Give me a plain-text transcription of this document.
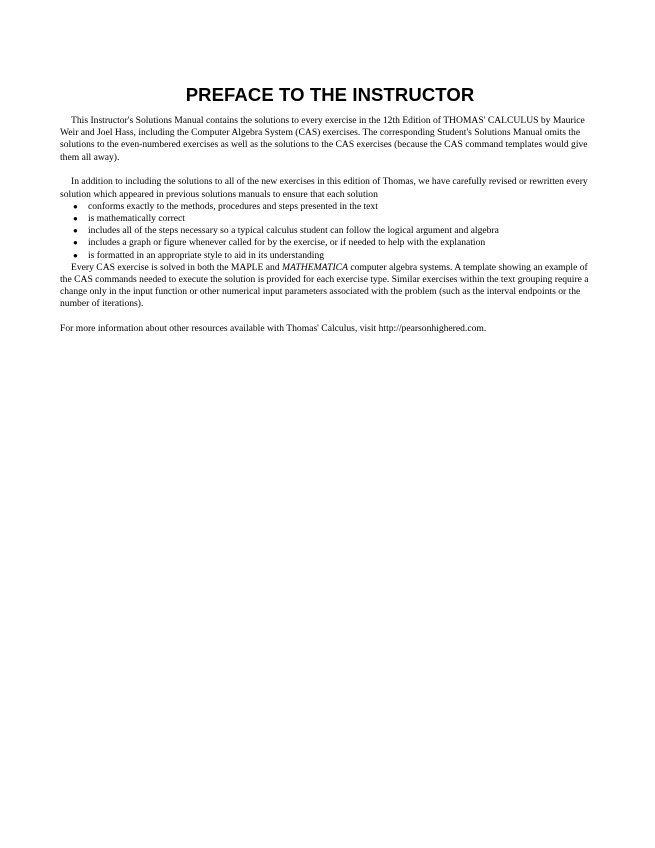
PREFACE TO THE INSTRUCTOR

This Instructor's Solutions Manual contains the solutions to every exercise in the 12th Edition of THOMAS' CALCULUS by Maurice Weir and Joel Hass, including the Computer Algebra System (CAS) exercises. The corresponding Student's Solutions Manual omits the solutions to the even-numbered exercises as well as the solutions to the CAS exercises (because the CAS command templates would give them all away).

In addition to including the solutions to all of the new exercises in this edition of Thomas, we have carefully revised or rewritten every solution which appeared in previous solutions manuals to ensure that each solution

● conforms exactly to the methods, procedures and steps presented in the text
● is mathematically correct
● includes all of the steps necessary so a typical calculus student can follow the logical argument and algebra
● includes a graph or figure whenever called for by the exercise, or if needed to help with the explanation
● is formatted in an appropriate style to aid in its understanding

Every CAS exercise is solved in both the MAPLE and MATHEMATICA computer algebra systems. A template showing an example of the CAS commands needed to execute the solution is provided for each exercise type. Similar exercises within the text grouping require a change only in the input function or other numerical input parameters associated with the problem (such as the interval endpoints or the number of iterations).

For more information about other resources available with Thomas' Calculus, visit http://pearsonhighered.com.
